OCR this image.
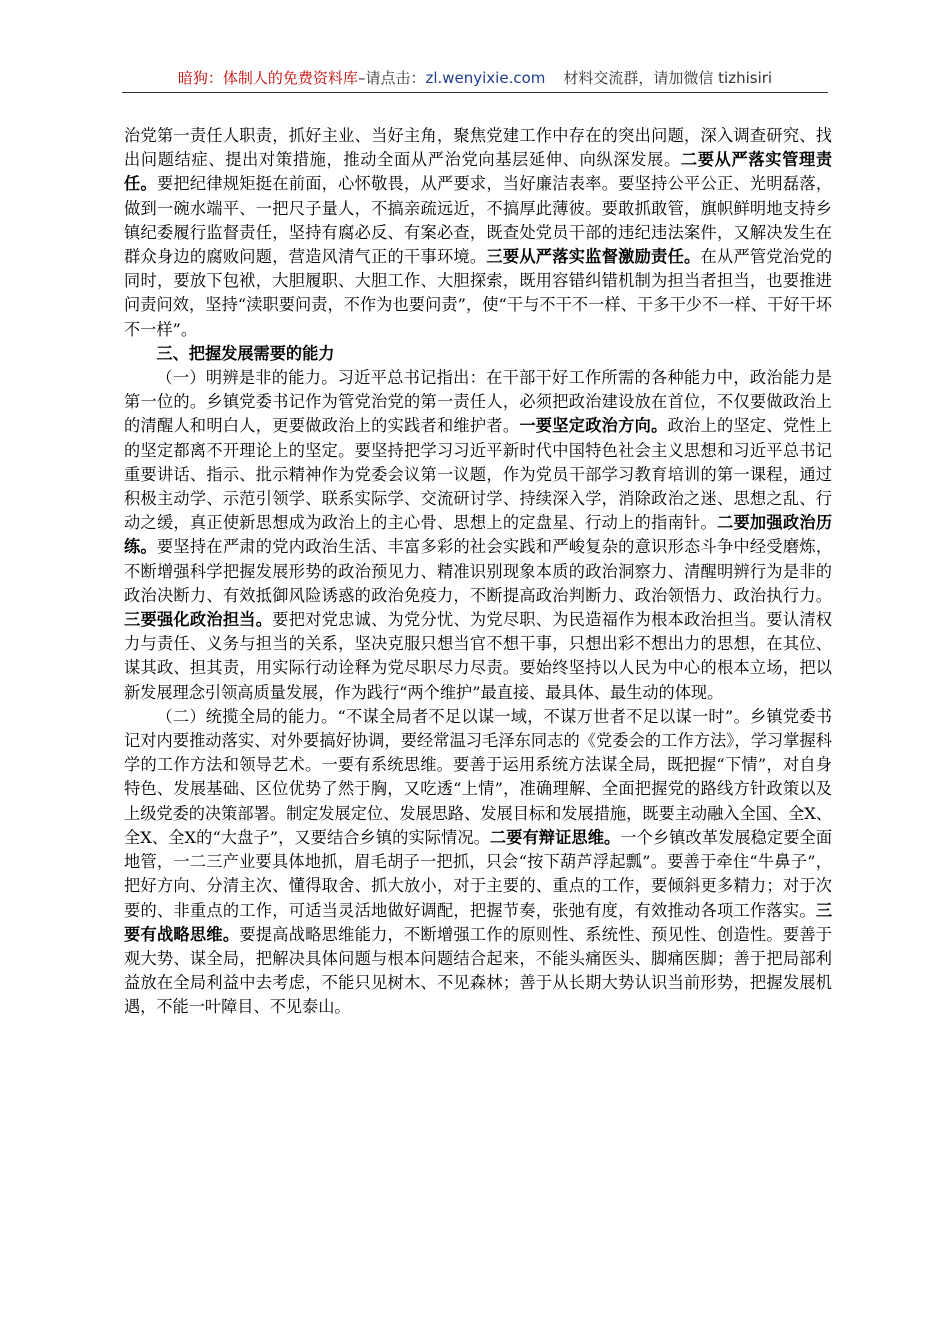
暗狗：体制人的免费资料库–请点击：zl.wenyixie.com 材料交流群，请加微信 tizhisiri

治党第一责任人职责，抓好主业、当好主角，聚焦党建工作中存在的突出问题，深入调查研究、找出问题结症、提出对策措施，推动全面从严治党向基层延伸、向纵深发展。二要从严落实管理责任。要把纪律规矩挺在前面，心怀敬畏，从严要求，当好廉洁表率。要坚持公平公正、光明磊落，做到一碗水端平、一把尺子量人，不搞亲疏远近，不搞厚此薄彼。要敢抓敢管，旗帜鲜明地支持乡镇纪委履行监督责任，坚持有腐必反、有案必查，既查处党员干部的违纪违法案件，又解决发生在群众身边的腐败问题，营造风清气正的干事环境。三要从严落实监督激励责任。在从严管党治党的同时，要放下包袱，大胆履职、大胆工作、大胆探索，既用容错纠错机制为担当者担当，也要推进问责问效，坚持“渎职要问责，不作为也要问责”，使“干与不干不一样、干多干少不一样、干好干坏不一样”。

三、把握发展需要的能力

（一）明辨是非的能力。习近平总书记指出：在干部干好工作所需的各种能力中，政治能力是第一位的。乡镇党委书记作为管党治党的第一责任人，必须把政治建设放在首位，不仅要做政治上的清醒人和明白人，更要做政治上的实践者和维护者。一要坚定政治方向。政治上的坚定、党性上的坚定都离不开理论上的坚定。要坚持把学习习近平新时代中国特色社会主义思想和习近平总书记重要讲话、指示、批示精神作为党委会议第一议题，作为党员干部学习教育培训的第一课程，通过积极主动学、示范引领学、联系实际学、交流研讨学、持续深入学，消除政治之迷、思想之乱、行动之缓，真正使新思想成为政治上的主心骨、思想上的定盘星、行动上的指南针。二要加强政治历练。要坚持在严肃的党内政治生活、丰富多彩的社会实践和严峻复杂的意识形态斗争中经受磨炼，不断增强科学把握发展形势的政治预见力、精准识别现象本质的政治洞察力、清醒明辨行为是非的政治决断力、有效抵御风险诱惑的政治免疫力，不断提高政治判断力、政治领悟力、政治执行力。三要强化政治担当。要把对党忠诚、为党分忧、为党尽职、为民造福作为根本政治担当。要认清权力与责任、义务与担当的关系，坚决克服只想当官不想干事，只想出彩不想出力的思想，在其位、谋其政、担其责，用实际行动诠释为党尽职尽力尽责。要始终坚持以人民为中心的根本立场，把以新发展理念引领高质量发展，作为践行“两个维护”最直接、最具体、最生动的体现。

（二）统揽全局的能力。“不谋全局者不足以谋一域，不谋万世者不足以谋一时”。乡镇党委书记对内要推动落实、对外要搞好协调，要经常温习毛泽东同志的《党委会的工作方法》，学习掌握科学的工作方法和领导艺术。一要有系统思维。要善于运用系统方法谋全局，既把握“下情”，对自身特色、发展基础、区位优势了然于胸，又吃透“上情”，准确理解、全面把握党的路线方针政策以及上级党委的决策部署。制定发展定位、发展思路、发展目标和发展措施，既要主动融入全国、全X、全X、全X的“大盘子”，又要结合乡镇的实际情况。二要有辩证思维。一个乡镇改革发展稳定要全面地管，一二三产业要具体地抓，眉毛胡子一把抓，只会“按下葫芦浮起瓢”。要善于牵住“牛鼻子”，把好方向、分清主次、懂得取舍、抓大放小，对于主要的、重点的工作，要倾斜更多精力；对于次要的、非重点的工作，可适当灵活地做好调配，把握节奏，张弛有度，有效推动各项工作落实。三要有战略思维。要提高战略思维能力，不断增强工作的原则性、系统性、预见性、创造性。要善于观大势、谋全局，把解决具体问题与根本问题结合起来，不能头痛医头、脚痛医脚；善于把局部利益放在全局利益中去考虑，不能只见树木、不见森林；善于从长期大势认识当前形势，把握发展机遇，不能一叶障目、不见泰山。
